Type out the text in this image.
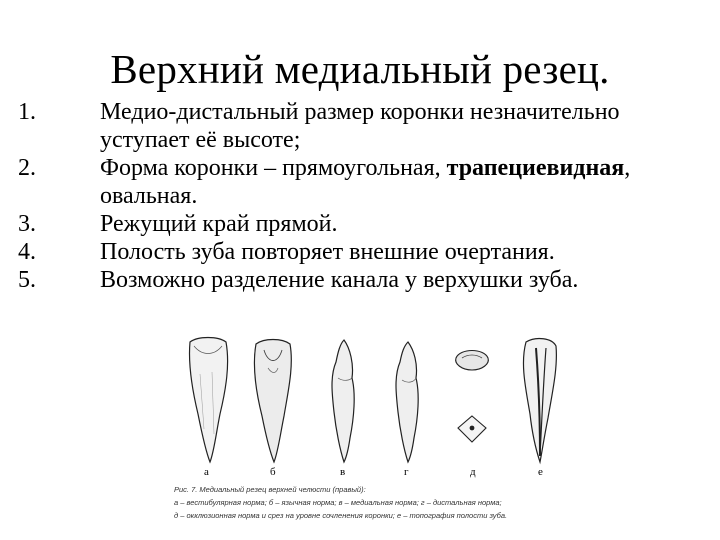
Верхний медиальный резец.
1.	Медио-дистальный размер коронки незначительно уступает её высоте;
2.	Форма коронки – прямоугольная, трапециевидная, овальная.
3.	Режущий край прямой.
4.	Полость зуба повторяет внешние очертания.
5.	Возможно разделение канала у верхушки зуба.
а	б	в	г	д	е
Рис. 7. Медиальный резец верхней челюсти (правый):
а – вестибулярная норма; б – язычная норма; в – медиальная норма; г – дистальная норма;
д – окклюзионная норма и срез на уровне сочленения коронки; е – топография полости зуба.
